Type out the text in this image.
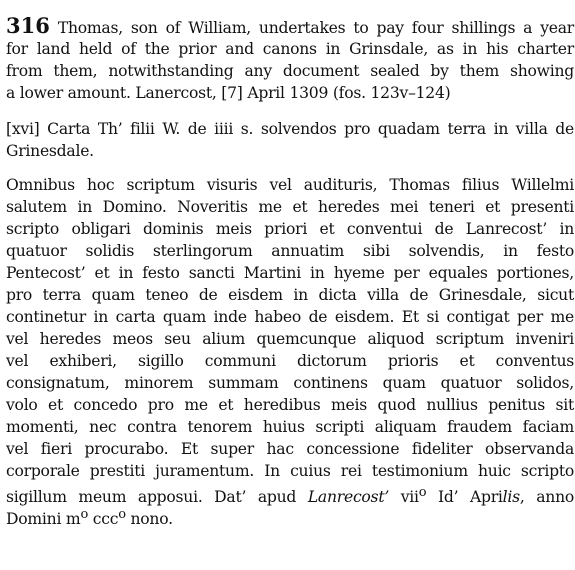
316 Thomas, son of William, undertakes to pay four shillings a year
for land held of the prior and canons in Grinsdale, as in his charter
from them, notwithstanding any document sealed by them showing
a lower amount. Lanercost, [7] April 1309 (fos. 123v–124)
[xvi] Carta Th’ filii W. de iiii s. solvendos pro quadam terra in villa de
Grinesdale.
Omnibus hoc scriptum visuris vel audituris, Thomas filius Willelmi
salutem in Domino. Noveritis me et heredes mei teneri et presenti
scripto obligari dominis meis priori et conventui de Lanrecost’ in
quatuor solidis sterlingorum annuatim sibi solvendis, in festo
Pentecost’ et in festo sancti Martini in hyeme per equales portiones,
pro terra quam teneo de eisdem in dicta villa de Grinesdale, sicut
continetur in carta quam inde habeo de eisdem. Et si contigat per me
vel heredes meos seu alium quemcunque aliquod scriptum inveniri
vel exhiberi, sigillo communi dictorum prioris et conventus
consignatum, minorem summam continens quam quatuor solidos,
volo et concedo pro me et heredibus meis quod nullius penitus sit
momenti, nec contra tenorem huius scripti aliquam fraudem faciam
vel fieri procurabo. Et super hac concessione fideliter observanda
corporale prestiti juramentum. In cuius rei testimonium huic scripto
sigillum meum apposui. Dat’ apud Lanrecost’ vii$^o$ Id’ Aprilis, anno
Domini $m^o$ ccc$^o$ nono.
